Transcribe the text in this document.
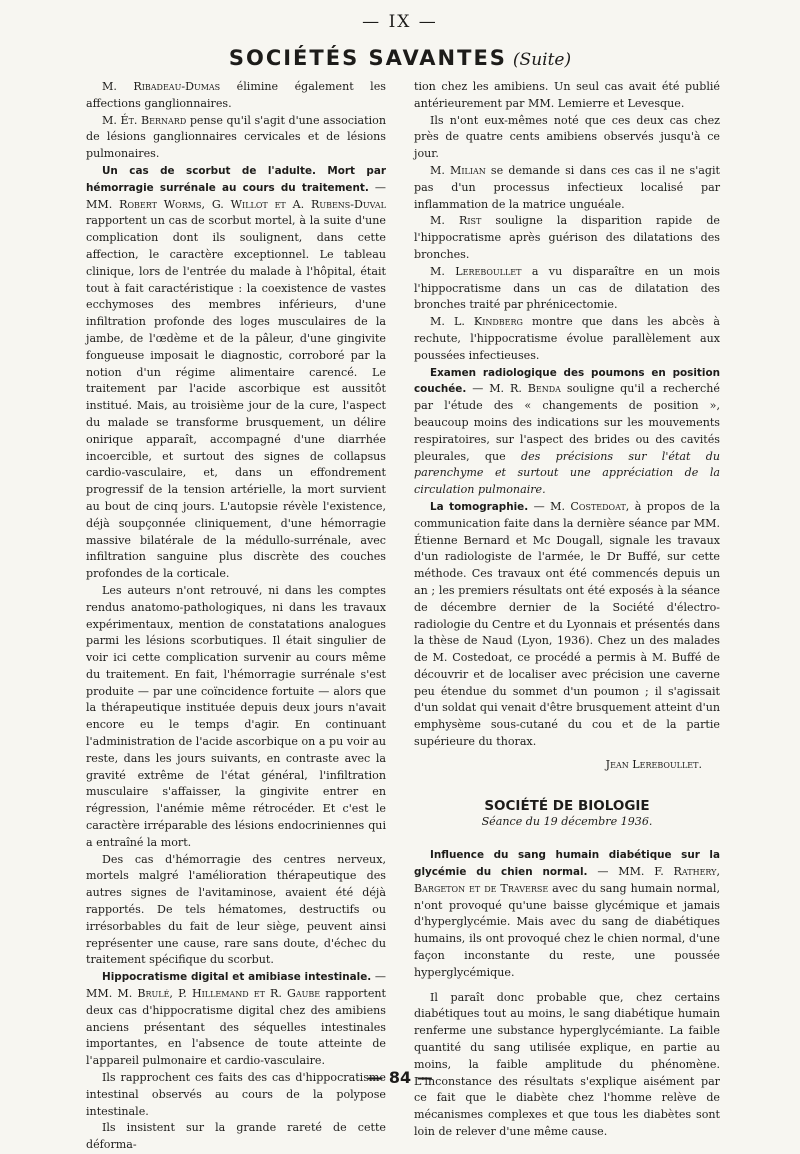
— IX —
SOCIÉTÉS SAVANTES (Suite)

M. Ribadeau-Dumas élimine également les affections ganglionnaires.

M. Ét. Bernard pense qu'il s'agit d'une association de lésions ganglionnaires cervicales et de lésions pulmonaires.

Un cas de scorbut de l'adulte. Mort par hémorragie surrénale au cours du traitement. — MM. Robert Worms, G. Willot et A. Rubens-Duval rapportent un cas de scorbut mortel, à la suite d'une complication dont ils soulignent, dans cette affection, le caractère exceptionnel. Le tableau clinique, lors de l'entrée du malade à l'hôpital, était tout à fait caractéristique : la coexistence de vastes ecchymoses des membres inférieurs, d'une infiltration profonde des loges musculaires de la jambe, de l'œdème et de la pâleur, d'une gingivite fongueuse imposait le diagnostic, corroboré par la notion d'un régime alimentaire carencé. Le traitement par l'acide ascorbique est aussitôt institué. Mais, au troisième jour de la cure, l'aspect du malade se transforme brusquement, un délire onirique apparaît, accompagné d'une diarrhée incoercible, et surtout des signes de collapsus cardio-vasculaire, et, dans un effondrement progressif de la tension artérielle, la mort survient au bout de cinq jours. L'autopsie révèle l'existence, déjà soupçonnée cliniquement, d'une hémorragie massive bilatérale de la médullo-surrénale, avec infiltration sanguine plus discrète des couches profondes de la corticale.

Les auteurs n'ont retrouvé, ni dans les comptes rendus anatomo-pathologiques, ni dans les travaux expérimentaux, mention de constatations analogues parmi les lésions scorbutiques. Il était singulier de voir ici cette complication survenir au cours même du traitement. En fait, l'hémorragie surrénale s'est produite — par une coïncidence fortuite — alors que la thérapeutique instituée depuis deux jours n'avait encore eu le temps d'agir. En continuant l'administration de l'acide ascorbique on a pu voir au reste, dans les jours suivants, en contraste avec la gravité extrême de l'état général, l'infiltration musculaire s'affaisser, la gingivite entrer en régression, l'anémie même rétrocéder. Et c'est le caractère irréparable des lésions endocriniennes qui a entraîné la mort.

Des cas d'hémorragie des centres nerveux, mortels malgré l'amélioration thérapeutique des autres signes de l'avitaminose, avaient été déjà rapportés. De tels hématomes, destructifs ou irrésorbables du fait de leur siège, peuvent ainsi représenter une cause, rare sans doute, d'échec du traitement spécifique du scorbut.

Hippocratisme digital et amibiase intestinale. — MM. M. Brulé, P. Hillemand et R. Gaube rapportent deux cas d'hippocratisme digital chez des amibiens anciens présentant des séquelles intestinales importantes, en l'absence de toute atteinte de l'appareil pulmonaire et cardio-vasculaire.

Ils rapprochent ces faits des cas d'hippocratisme intestinal observés au cours de la polypose intestinale.

Ils insistent sur la grande rareté de cette déforma-

tion chez les amibiens. Un seul cas avait été publié antérieurement par MM. Lemierre et Levesque.

Ils n'ont eux-mêmes noté que ces deux cas chez près de quatre cents amibiens observés jusqu'à ce jour.

M. Milian se demande si dans ces cas il ne s'agit pas d'un processus infectieux localisé par inflammation de la matrice unguéale.

M. Rist souligne la disparition rapide de l'hippocratisme après guérison des dilatations des bronches.

M. Lereboullet a vu disparaître en un mois l'hippocratisme dans un cas de dilatation des bronches traité par phrénicectomie.

M. L. Kindberg montre que dans les abcès à rechute, l'hippocratisme évolue parallèlement aux poussées infectieuses.

Examen radiologique des poumons en position couchée. — M. R. Benda souligne qu'il a recherché par l'étude des « changements de position », beaucoup moins des indications sur les mouvements respiratoires, sur l'aspect des brides ou des cavités pleurales, que des précisions sur l'état du parenchyme et surtout une appréciation de la circulation pulmonaire.

La tomographie. — M. Costedoat, à propos de la communication faite dans la dernière séance par MM. Étienne Bernard et Mc Dougall, signale les travaux d'un radiologiste de l'armée, le Dr Buffé, sur cette méthode. Ces travaux ont été commencés depuis un an ; les premiers résultats ont été exposés à la séance de décembre dernier de la Société d'électro-radiologie du Centre et du Lyonnais et présentés dans la thèse de Naud (Lyon, 1936). Chez un des malades de M. Costedoat, ce procédé a permis à M. Buffé de découvrir et de localiser avec précision une caverne peu étendue du sommet d'un poumon ; il s'agissait d'un soldat qui venait d'être brusquement atteint d'un emphysème sous-cutané du cou et de la partie supérieure du thorax.

Jean Lereboullet.
SOCIÉTÉ DE BIOLOGIE
Séance du 19 décembre 1936.

Influence du sang humain diabétique sur la glycémie du chien normal. — MM. F. Rathery, Bargeton et de Traverse avec du sang humain normal, n'ont provoqué qu'une baisse glycémique et jamais d'hyperglycémie. Mais avec du sang de diabétiques humains, ils ont provoqué chez le chien normal, d'une façon inconstante du reste, une poussée hyperglycémique.

Il paraît donc probable que, chez certains diabétiques tout au moins, le sang diabétique humain renferme une substance hyperglycémiante. La faible quantité du sang utilisée explique, en partie au moins, la faible amplitude du phénomène. L'inconstance des résultats s'explique aisément par ce fait que le diabète chez l'homme relève de mécanismes complexes et que tous les diabètes sont loin de relever d'une même cause.

— 84 —
